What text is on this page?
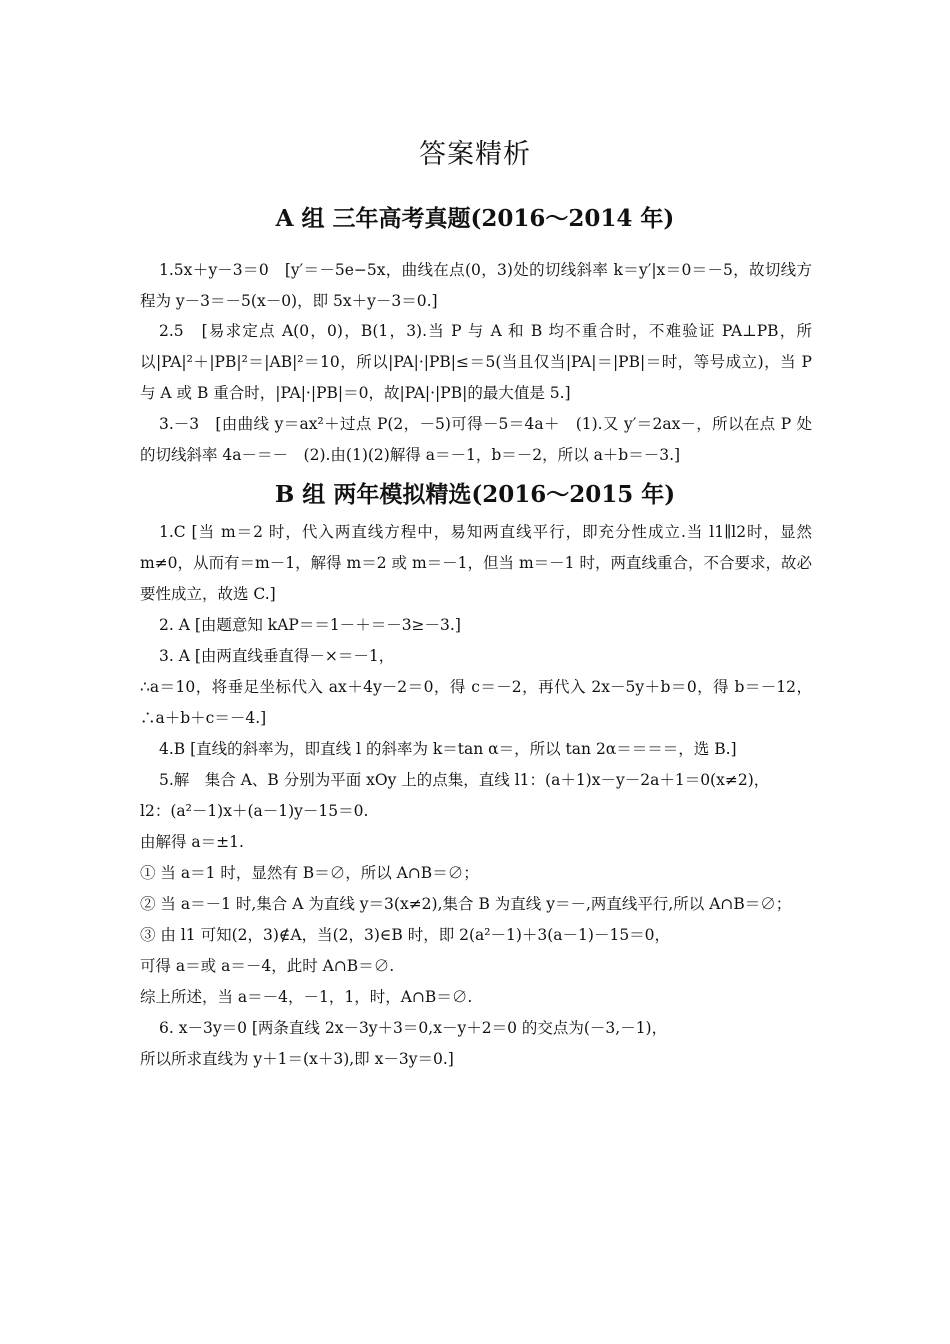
答案精析
A 组 三年高考真题(2016～2014 年)
1.5x＋y－3＝0　[y′＝－5e−5x，曲线在点(0，3)处的切线斜率 k＝y′|x＝0＝－5，故切线方程为 y－3＝－5(x－0)，即 5x＋y－3＝0.]
2.5　[易求定点 A(0，0)，B(1，3).当 P 与 A 和 B 均不重合时，不难验证 PA⊥PB，所以|PA|²＋|PB|²＝|AB|²＝10，所以|PA|·|PB|≤＝5(当且仅当|PA|＝|PB|＝时，等号成立)，当 P 与 A 或 B 重合时，|PA|·|PB|＝0，故|PA|·|PB|的最大值是 5.]
3.－3　[由曲线 y＝ax²＋过点 P(2，－5)可得－5＝4a＋　(1).又 y′＝2ax－，所以在点 P 处的切线斜率 4a－＝－　(2).由(1)(2)解得 a＝－1，b＝－2，所以 a＋b＝－3.]
B 组 两年模拟精选(2016～2015 年)
1.C [当 m＝2 时，代入两直线方程中，易知两直线平行，即充分性成立.当 l1∥l2时，显然 m≠0，从而有＝m－1，解得 m＝2 或 m＝－1，但当 m＝－1 时，两直线重合，不合要求，故必要性成立，故选 C.]
2. A [由题意知 kAP＝＝1－＋＝－3≥－3.]
3. A [由两直线垂直得－×＝－1，
∴a＝10，将垂足坐标代入 ax＋4y－2＝0，得 c＝－2，再代入 2x－5y＋b＝0，得 b＝－12，∴a＋b＋c＝－4.]
4.B [直线的斜率为，即直线 l 的斜率为 k＝tan α＝，所以 tan 2α＝＝＝＝，选 B.]
5.解　集合 A、B 分别为平面 xOy 上的点集，直线 l1：(a＋1)x－y－2a＋1＝0(x≠2)，
l2：(a²－1)x＋(a－1)y－15＝0.
由解得 a＝±1.
① 当 a＝1 时，显然有 B＝∅，所以 A∩B＝∅；
② 当 a＝－1 时,集合 A 为直线 y＝3(x≠2),集合 B 为直线 y＝－,两直线平行,所以 A∩B＝∅；
③ 由 l1 可知(2，3)∉A，当(2，3)∈B 时，即 2(a²－1)＋3(a－1)－15＝0，
可得 a＝或 a＝－4，此时 A∩B＝∅.
综上所述，当 a＝－4，－1，1，时，A∩B＝∅.
6. x－3y＝0 [两条直线 2x－3y＋3＝0,x－y＋2＝0 的交点为(－3,－1)，
所以所求直线为 y＋1＝(x＋3),即 x－3y＝0.]
